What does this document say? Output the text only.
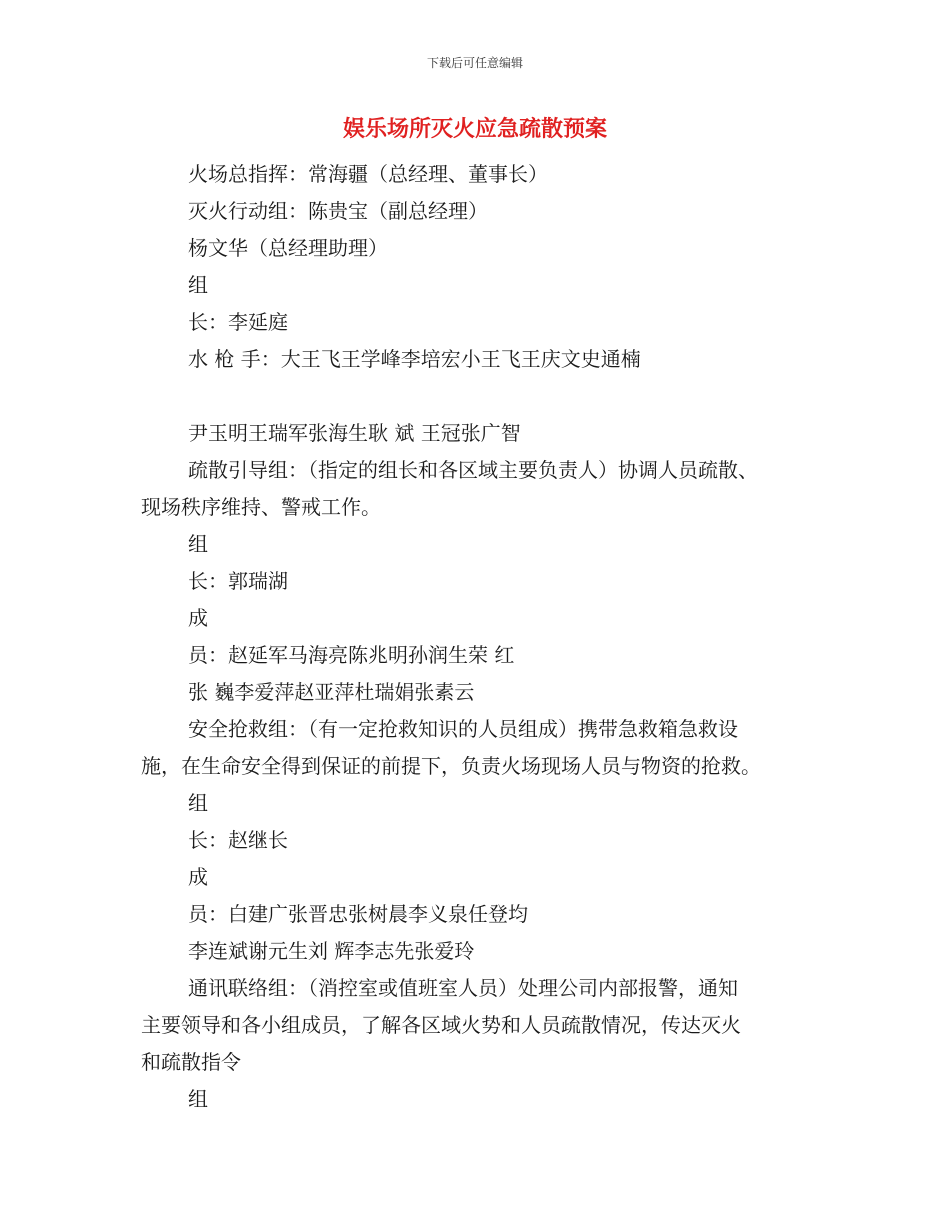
下载后可任意编辑
娱乐场所灭火应急疏散预案
火场总指挥：常海疆（总经理、董事长）
灭火行动组：陈贵宝（副总经理）
杨文华（总经理助理）
组
长：李延庭
水 枪 手：大王飞王学峰李培宏小王飞王庆文史通楠
尹玉明王瑞军张海生耿 斌 王冠张广智
疏散引导组：（指定的组长和各区域主要负责人）协调人员疏散、
现场秩序维持、警戒工作。
组
长：郭瑞湖
成
员：赵延军马海亮陈兆明孙润生荣 红
张 巍李爱萍赵亚萍杜瑞娟张素云
安全抢救组：（有一定抢救知识的人员组成）携带急救箱急救设
施，在生命安全得到保证的前提下，负责火场现场人员与物资的抢救。
组
长：赵继长
成
员：白建广张晋忠张树晨李义泉任登均
李连斌谢元生刘 辉李志先张爱玲
通讯联络组：（消控室或值班室人员）处理公司内部报警，通知
主要领导和各小组成员，了解各区域火势和人员疏散情况，传达灭火
和疏散指令
组
